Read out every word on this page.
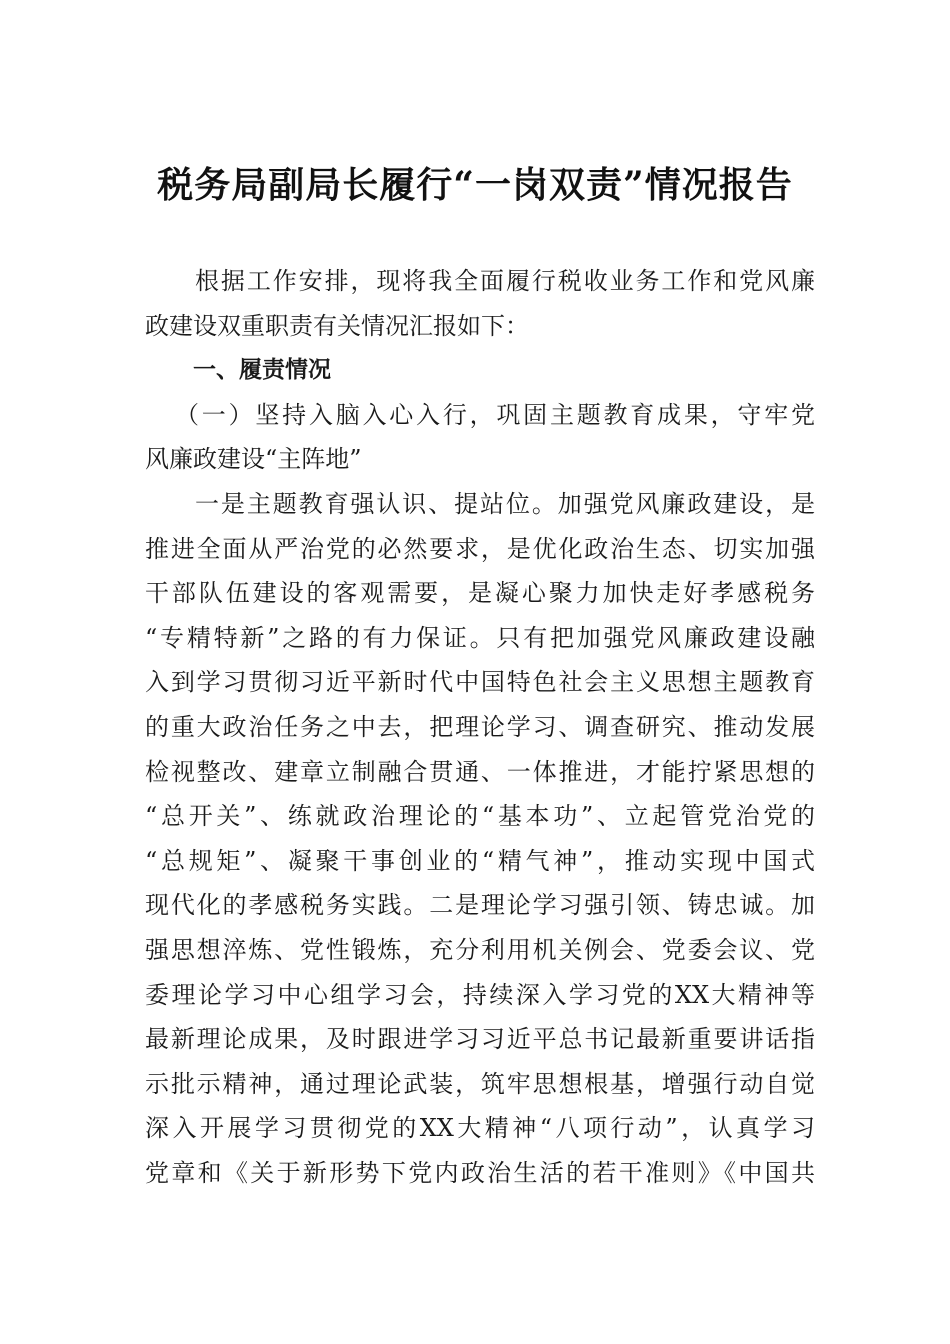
税务局副局长履行“一岗双责”情况报告
根据工作安排，现将我全面履行税收业务工作和党风廉
政建设双重职责有关情况汇报如下：
一、履责情况
（一）坚持入脑入心入行，巩固主题教育成果，守牢党
风廉政建设“主阵地”
一是主题教育强认识、提站位。加强党风廉政建设，是
推进全面从严治党的必然要求，是优化政治生态、切实加强
干部队伍建设的客观需要，是凝心聚力加快走好孝感税务
“专精特新”之路的有力保证。只有把加强党风廉政建设融
入到学习贯彻习近平新时代中国特色社会主义思想主题教育
的重大政治任务之中去，把理论学习、调查研究、推动发展
检视整改、建章立制融合贯通、一体推进，才能拧紧思想的
“总开关”、练就政治理论的“基本功”、立起管党治党的
“总规矩”、凝聚干事创业的“精气神”，推动实现中国式
现代化的孝感税务实践。二是理论学习强引领、铸忠诚。加
强思想淬炼、党性锻炼，充分利用机关例会、党委会议、党
委理论学习中心组学习会，持续深入学习党的XX大精神等
最新理论成果，及时跟进学习习近平总书记最新重要讲话指
示批示精神，通过理论武装，筑牢思想根基，增强行动自觉
深入开展学习贯彻党的XX大精神“八项行动”，认真学习
党章和《关于新形势下党内政治生活的若干准则》《中国共
